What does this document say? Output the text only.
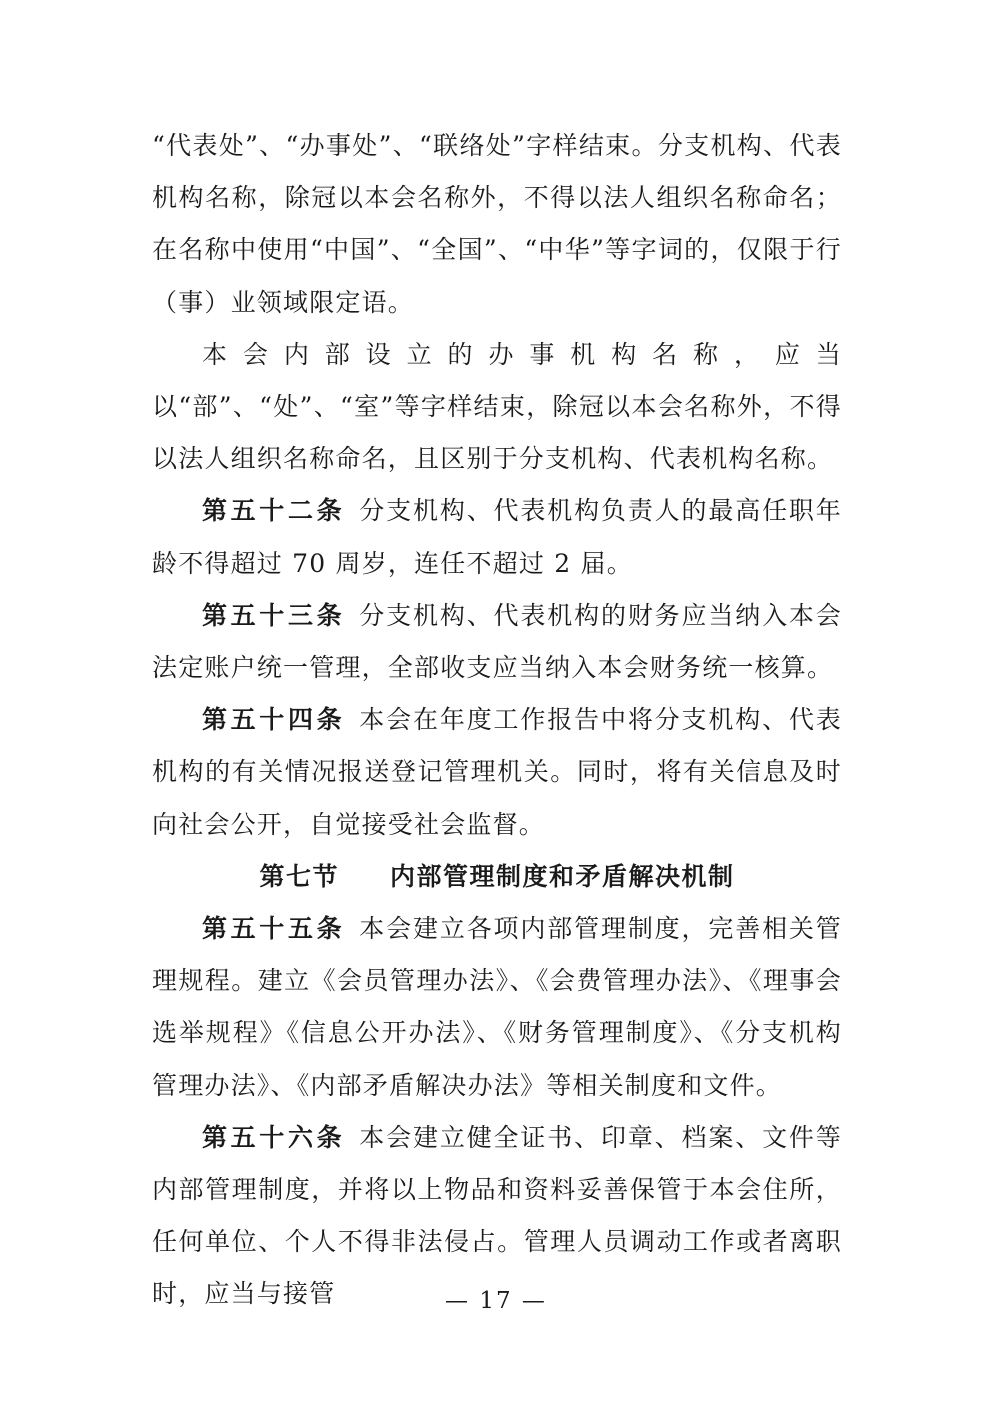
“代表处”、“办事处”、“联络处”字样结束。分支机构、代表机构名称，除冠以本会名称外，不得以法人组织名称命名；在名称中使用“中国”、“全国”、“中华”等字词的，仅限于行（事）业领域限定语。

本会内部设立的办事机构名称，应当以“部”、“处”、“室”等字样结束，除冠以本会名称外，不得以法人组织名称命名，且区别于分支机构、代表机构名称。

第五十二条 分支机构、代表机构负责人的最高任职年龄不得超过 70 周岁，连任不超过 2 届。

第五十三条 分支机构、代表机构的财务应当纳入本会法定账户统一管理，全部收支应当纳入本会财务统一核算。

第五十四条 本会在年度工作报告中将分支机构、代表机构的有关情况报送登记管理机关。同时，将有关信息及时向社会公开，自觉接受社会监督。

第七节     内部管理制度和矛盾解决机制

第五十五条 本会建立各项内部管理制度，完善相关管理规程。建立《会员管理办法》、《会费管理办法》、《理事会选举规程》《信息公开办法》、《财务管理制度》、《分支机构管理办法》、《内部矛盾解决办法》等相关制度和文件。

第五十六条 本会建立健全证书、印章、档案、文件等内部管理制度，并将以上物品和资料妥善保管于本会住所，任何单位、个人不得非法侵占。管理人员调动工作或者离职时，应当与接管	— 17 —
